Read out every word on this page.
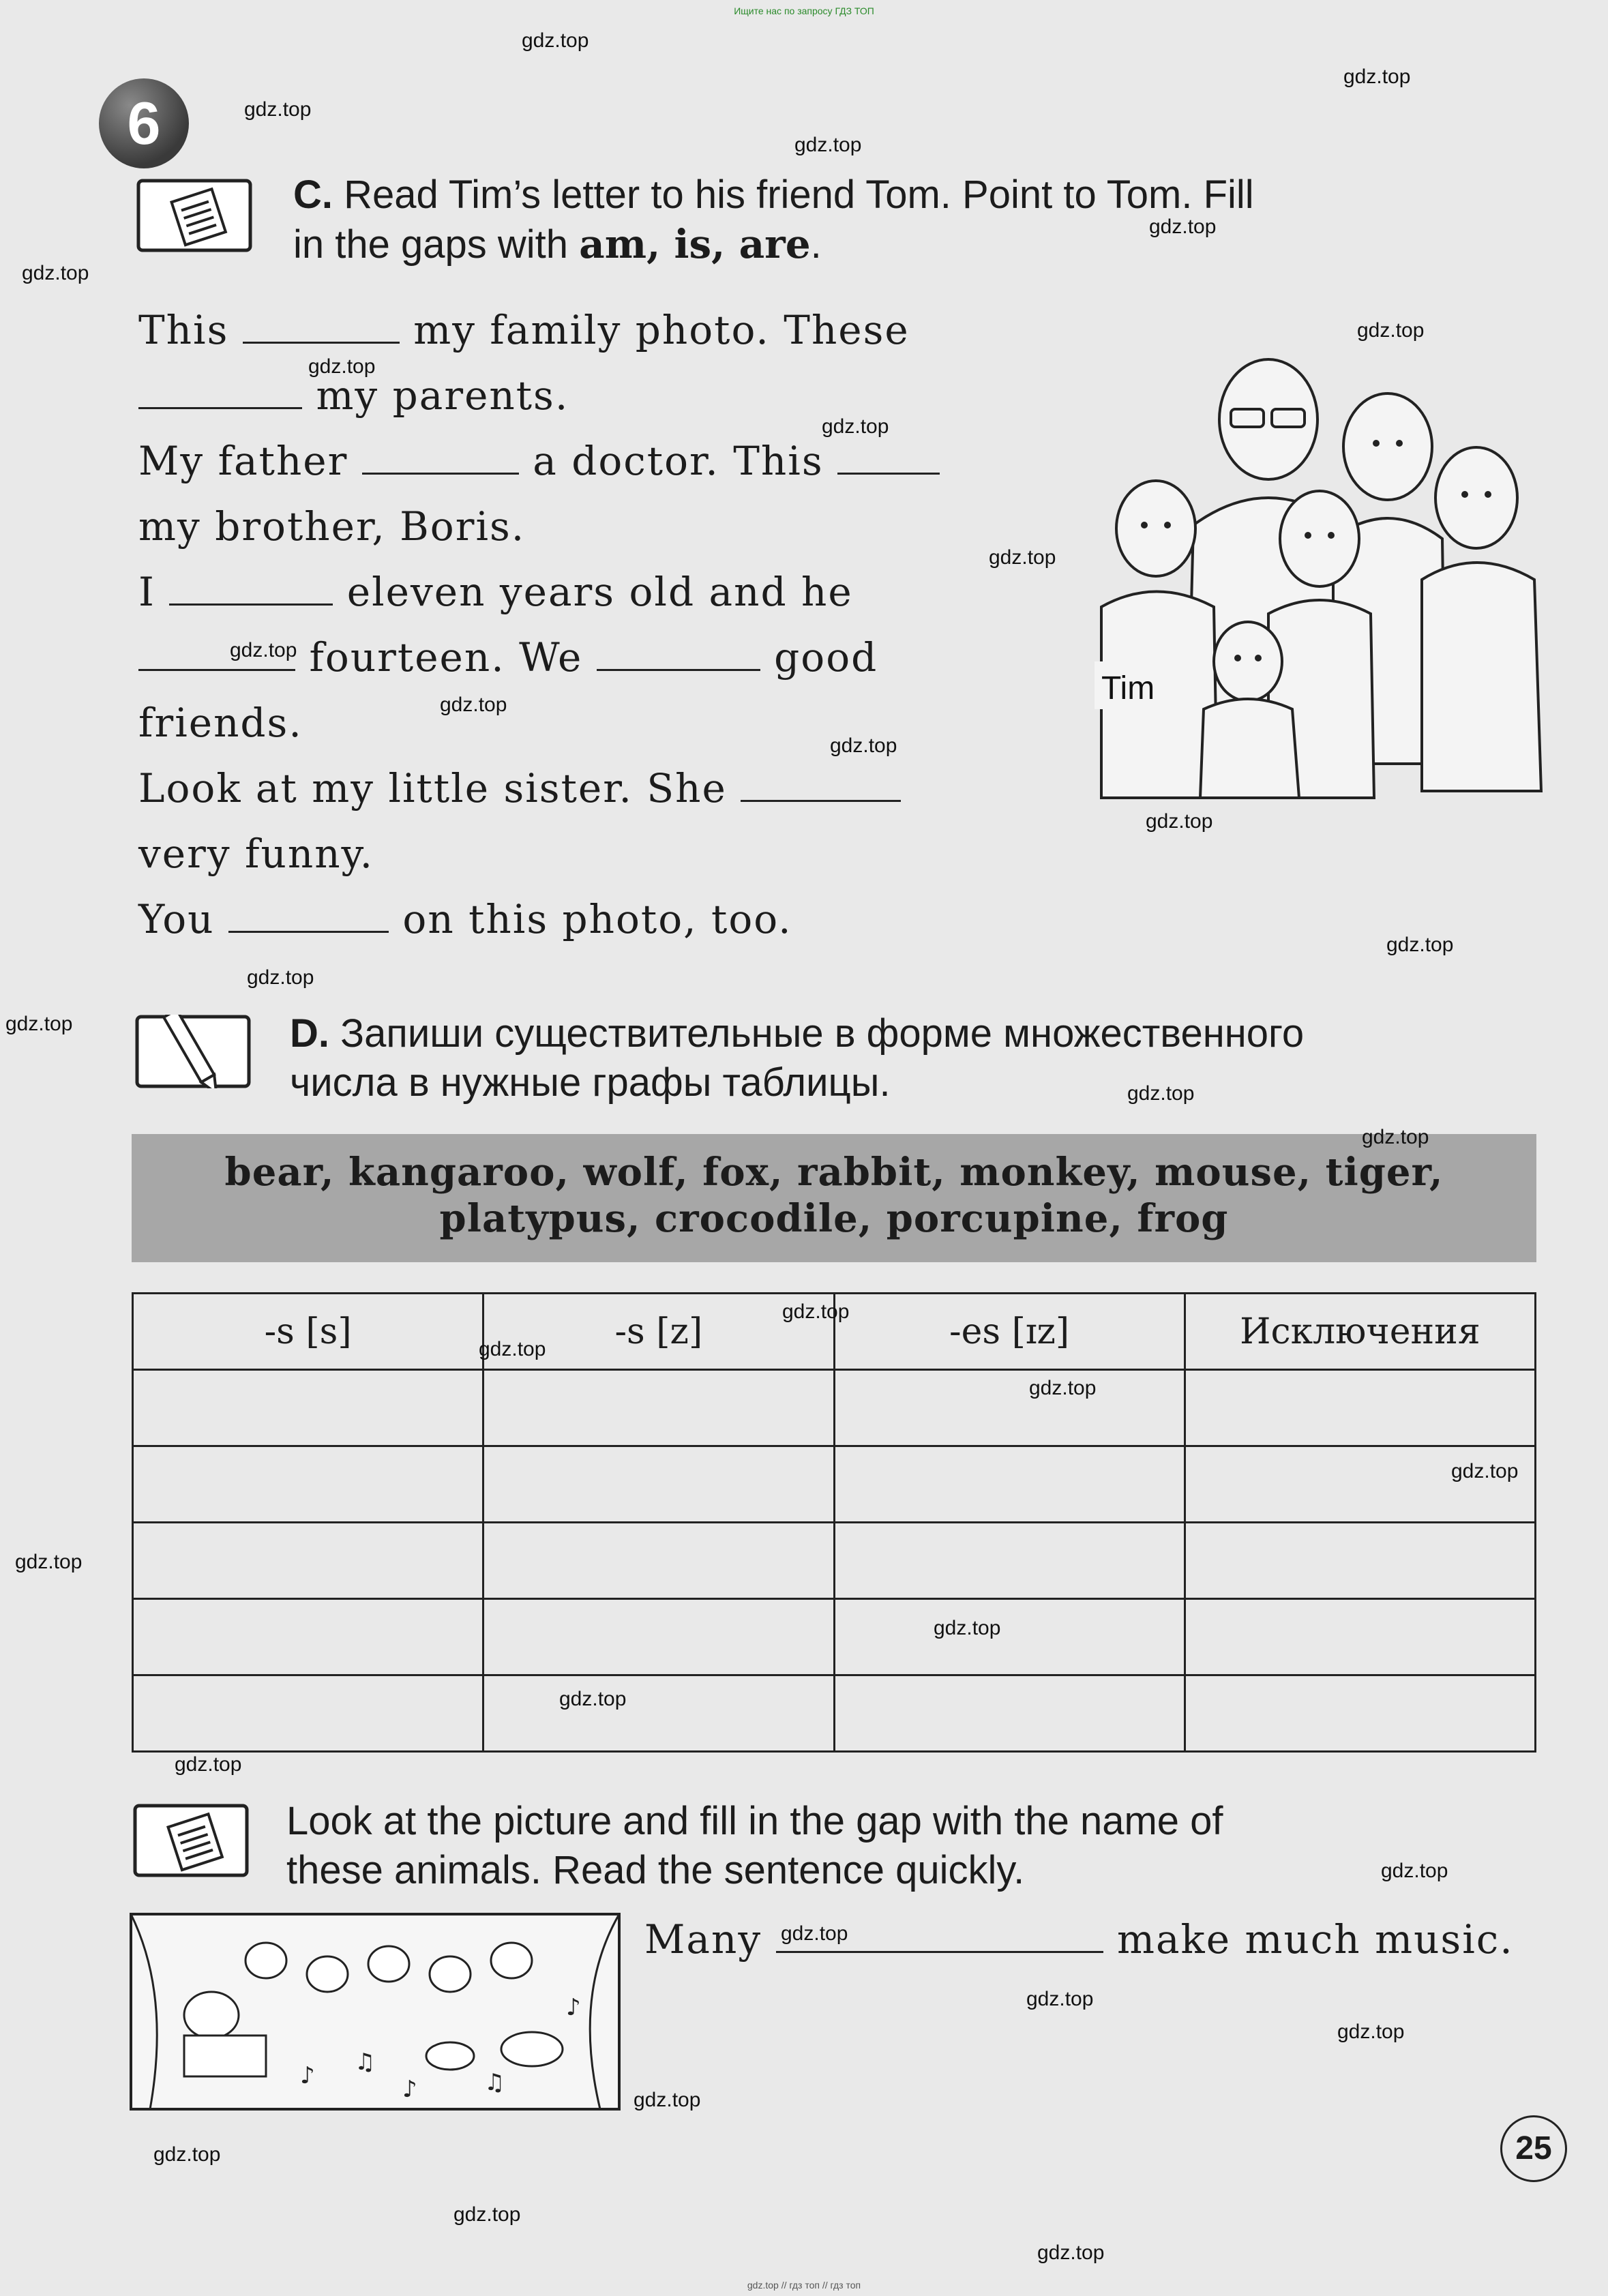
Ищите нас по запросу ГДЗ ТОП
6
C. Read Tim’s letter to his friend Tom. Point to Tom. Fill
in the gaps with am, is, are.
This	my family photo. These
my parents.
My father	a doctor. This
my brother, Boris.
I	eleven years old and he
fourteen. We	good
friends.
Look at my little sister. She
very funny.
You	on this photo, too.
Tim
D. Запиши существительные в форме множественного
числа в нужные графы таблицы.
bear, kangaroo, wolf, fox, rabbit, monkey, mouse, tiger,
platypus, crocodile, porcupine, frog
-s [s]	-s [z]	-es [ɪz]	Исключения

Look at the picture and fill in the gap with the name of
these animals. Read the sentence quickly.
♪ ♫
♪	♫
♪
Many	make much music.
25
gdz.top
gdz.top
gdz.top
gdz.top
gdz.top
gdz.top
gdz.top
gdz.top
gdz.top
gdz.top
gdz.top
gdz.top
gdz.top
gdz.top
gdz.top
gdz.top
gdz.top
gdz.top
gdz.top
gdz.top
gdz.top
gdz.top
gdz.top
gdz.top
gdz.top
gdz.top
gdz.top
gdz.top
gdz.top
gdz.top
gdz.top
gdz.top
gdz.top
gdz.top
gdz.top
gdz.top // гдз топ // гдз топ
